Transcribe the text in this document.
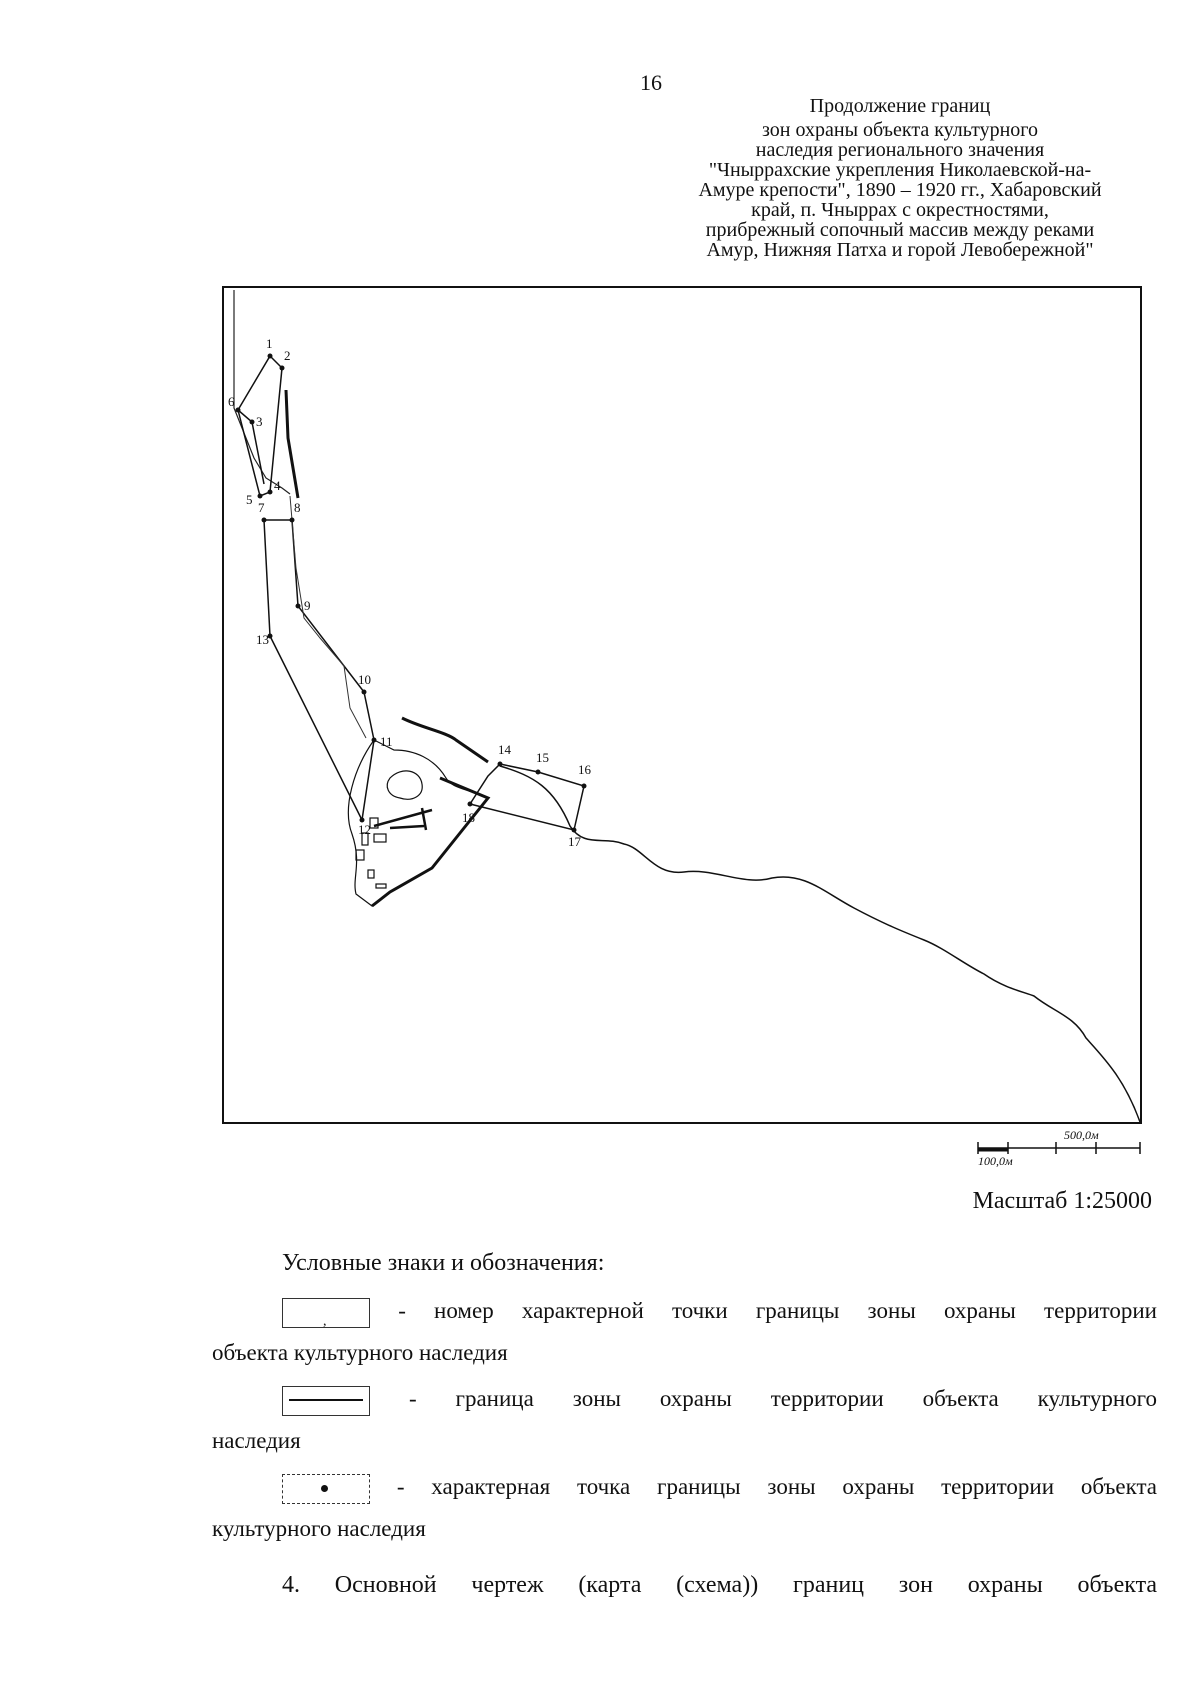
16
Продолжение границ
зон охраны объекта культурного
наследия регионального значения
"Чныррахские укрепления Николаевской-на-
Амуре крепости", 1890 – 1920 гг., Хабаровский
край, п. Чныррах с окрестностями,
прибрежный сопочный массив между реками
Амур, Нижняя Патха и горой Левобережной"
1
2
3
4
5
6
7 8
9
10
11
12
13
14
15
16
17
18
500,0м
100,0м
Масштаб 1:25000
Условные знаки и обозначения:
,	- номер характерной точки границы зоны охраны территории
объекта культурного наследия
- граница зоны охраны территории объекта культурного
наследия
- характерная точка границы зоны охраны территории объекта
культурного наследия
4. Основной чертеж (карта (схема)) границ зон охраны объекта
